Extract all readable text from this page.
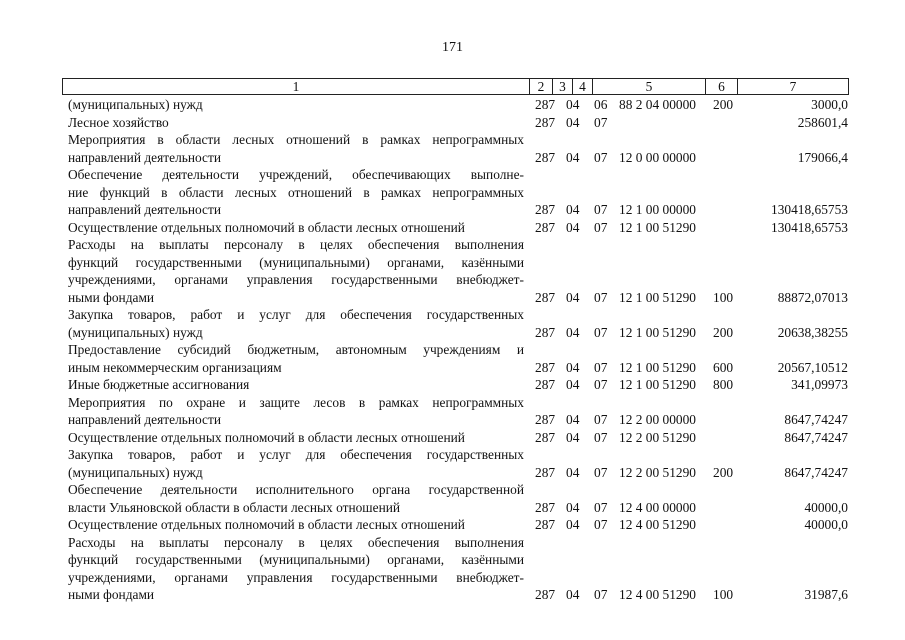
171
1	2	3 4	5	6	7
(муниципальных) нужд	287 04 06 88 2 04 00000 200	3000,0
Лесное хозяйство	287 04 07	258601,4
Мероприятия в области лесных отношений в рамках непрограммных
направлений деятельности	287 04 07 12 0 00 00000	179066,4
Обеспечение деятельности учреждений, обеспечивающих выполне-
ние функций в области лесных отношений в рамках непрограммных
направлений деятельности	287 04 07 12 1 00 00000	130418,65753
Осуществление отдельных полномочий в области лесных отношений	287 04 07 12 1 00 51290	130418,65753
Расходы на выплаты персоналу в целях обеспечения выполнения
функций государственными (муниципальными) органами, казёнными
учреждениями, органами управления государственными внебюджет-
ными фондами	287 04 07 12 1 00 51290 100	88872,07013
Закупка товаров, работ и услуг для обеспечения государственных
(муниципальных) нужд	287 04 07 12 1 00 51290 200	20638,38255
Предоставление субсидий бюджетным, автономным учреждениям и
иным некоммерческим организациям	287 04 07 12 1 00 51290 600	20567,10512
Иные бюджетные ассигнования	287 04 07 12 1 00 51290 800	341,09973
Мероприятия по охране и защите лесов в рамках непрограммных
направлений деятельности	287 04 07 12 2 00 00000	8647,74247
Осуществление отдельных полномочий в области лесных отношений	287 04 07 12 2 00 51290	8647,74247
Закупка товаров, работ и услуг для обеспечения государственных
(муниципальных) нужд	287 04 07 12 2 00 51290 200	8647,74247
Обеспечение деятельности исполнительного органа государственной
власти Ульяновской области в области лесных отношений	287 04 07 12 4 00 00000	40000,0
Осуществление отдельных полномочий в области лесных отношений	287 04 07 12 4 00 51290	40000,0
Расходы на выплаты персоналу в целях обеспечения выполнения
функций государственными (муниципальными) органами, казёнными
учреждениями, органами управления государственными внебюджет-
ными фондами	287 04 07 12 4 00 51290 100	31987,6
